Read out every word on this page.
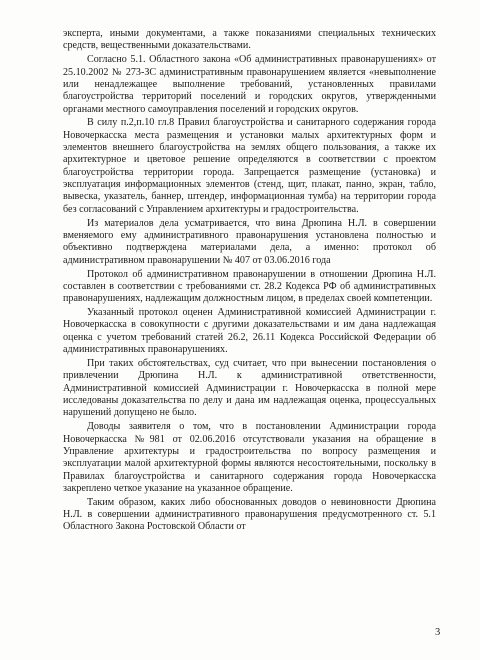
эксперта, иными документами, а также показаниями специальных технических средств, вещественными доказательствами.

Согласно 5.1. Областного закона «Об административных правонарушениях» от 25.10.2002 № 273-ЗС административным правонарушением является «невыполнение или ненадлежащее выполнение требований, установленных правилами благоустройства территорий поселений и городских округов, утвержденными органами местного самоуправления поселений и городских округов.

В силу п.2,п.10 гл.8 Правил благоустройства и санитарного содержания города Новочеркасска места размещения и установки малых архитектурных форм и элементов внешнего благоустройства на землях общего пользования, а также их архитектурное и цветовое решение определяются в соответствии с проектом благоустройства территории города. Запрещается размещение (установка) и эксплуатация информационных элементов (стенд, щит, плакат, панно, экран, табло, вывеска, указатель, баннер, штендер, информационная тумба) на территории города без согласований с Управлением архитектуры и градостроительства.

Из материалов дела усматривается, что вина Дрюпина Н.Л. в совершении вменяемого ему административного правонарушения установлена полностью и объективно подтверждена материалами дела, а именно: протокол об административном правонарушении № 407 от 03.06.2016 года

Протокол об административном правонарушении в отношении Дрюпина Н.Л. составлен в соответствии с требованиями ст. 28.2 Кодекса РФ об административных правонарушениях, надлежащим должностным лицом, в пределах своей компетенции.

Указанный протокол оценен Административной комиссией Администрации г. Новочеркасска в совокупности с другими доказательствами и им дана надлежащая оценка с учетом требований статей 26.2, 26.11 Кодекса Российской Федерации об административных правонарушениях.

При таких обстоятельствах, суд считает, что при вынесении постановления о привлечении Дрюпина Н.Л. к административной ответственности, Административной комиссией Администрации г. Новочеркасска в полной мере исследованы доказательства по делу и дана им надлежащая оценка, процессуальных нарушений допущено не было.

Доводы заявителя о том, что в постановлении Администрации города Новочеркасска №981 от 02.06.2016 отсутствовали указания на обращение в Управление архитектуры и градостроительства по вопросу размещения и эксплуатации малой архитектурной формы являются несостоятельными, поскольку в Правилах благоустройства и санитарного содержания города Новочеркасска закреплено четкое указание на указанное обращение.

Таким образом, каких либо обоснованных доводов о невиновности Дрюпина Н.Л. в совершении административного правонарушения предусмотренного ст. 5.1 Областного Закона Ростовской Области от

3
